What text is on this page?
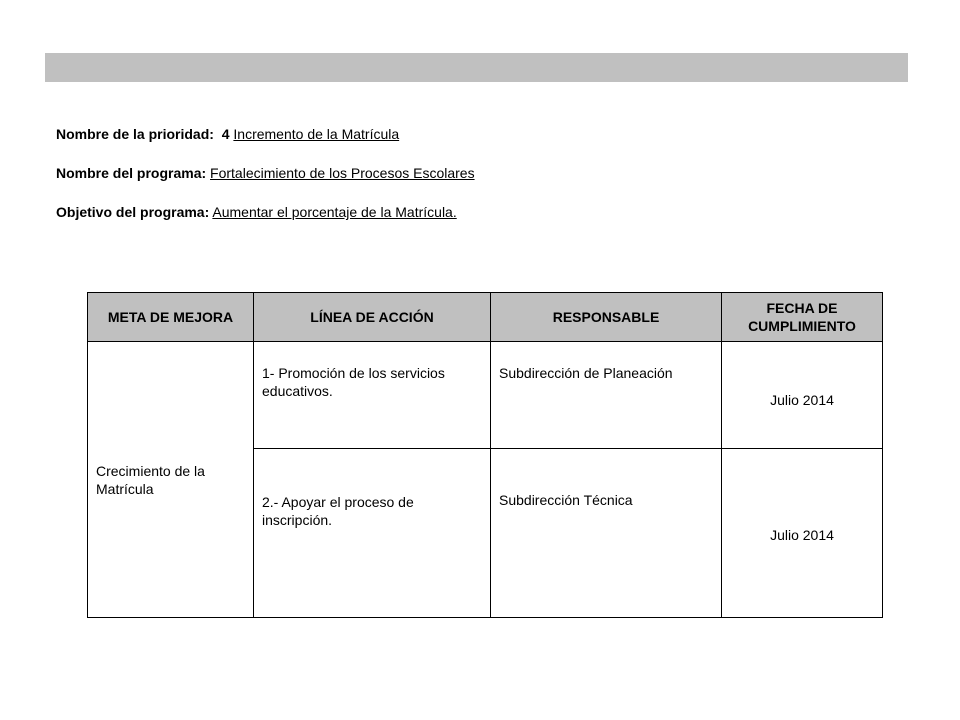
Nombre de la prioridad: 4 Incremento de la Matrícula
Nombre del programa: Fortalecimiento de los Procesos Escolares
Objetivo del programa: Aumentar el porcentaje de la Matrícula.
META DE MEJORA	LÍNEA DE ACCIÓN	RESPONSABLE	FECHA DE CUMPLIMIENTO
Crecimiento de la Matrícula	1- Promoción de los servicios educativos.	Subdirección de Planeación	Julio 2014
	2.- Apoyar el proceso de inscripción.	Subdirección Técnica	Julio 2014
